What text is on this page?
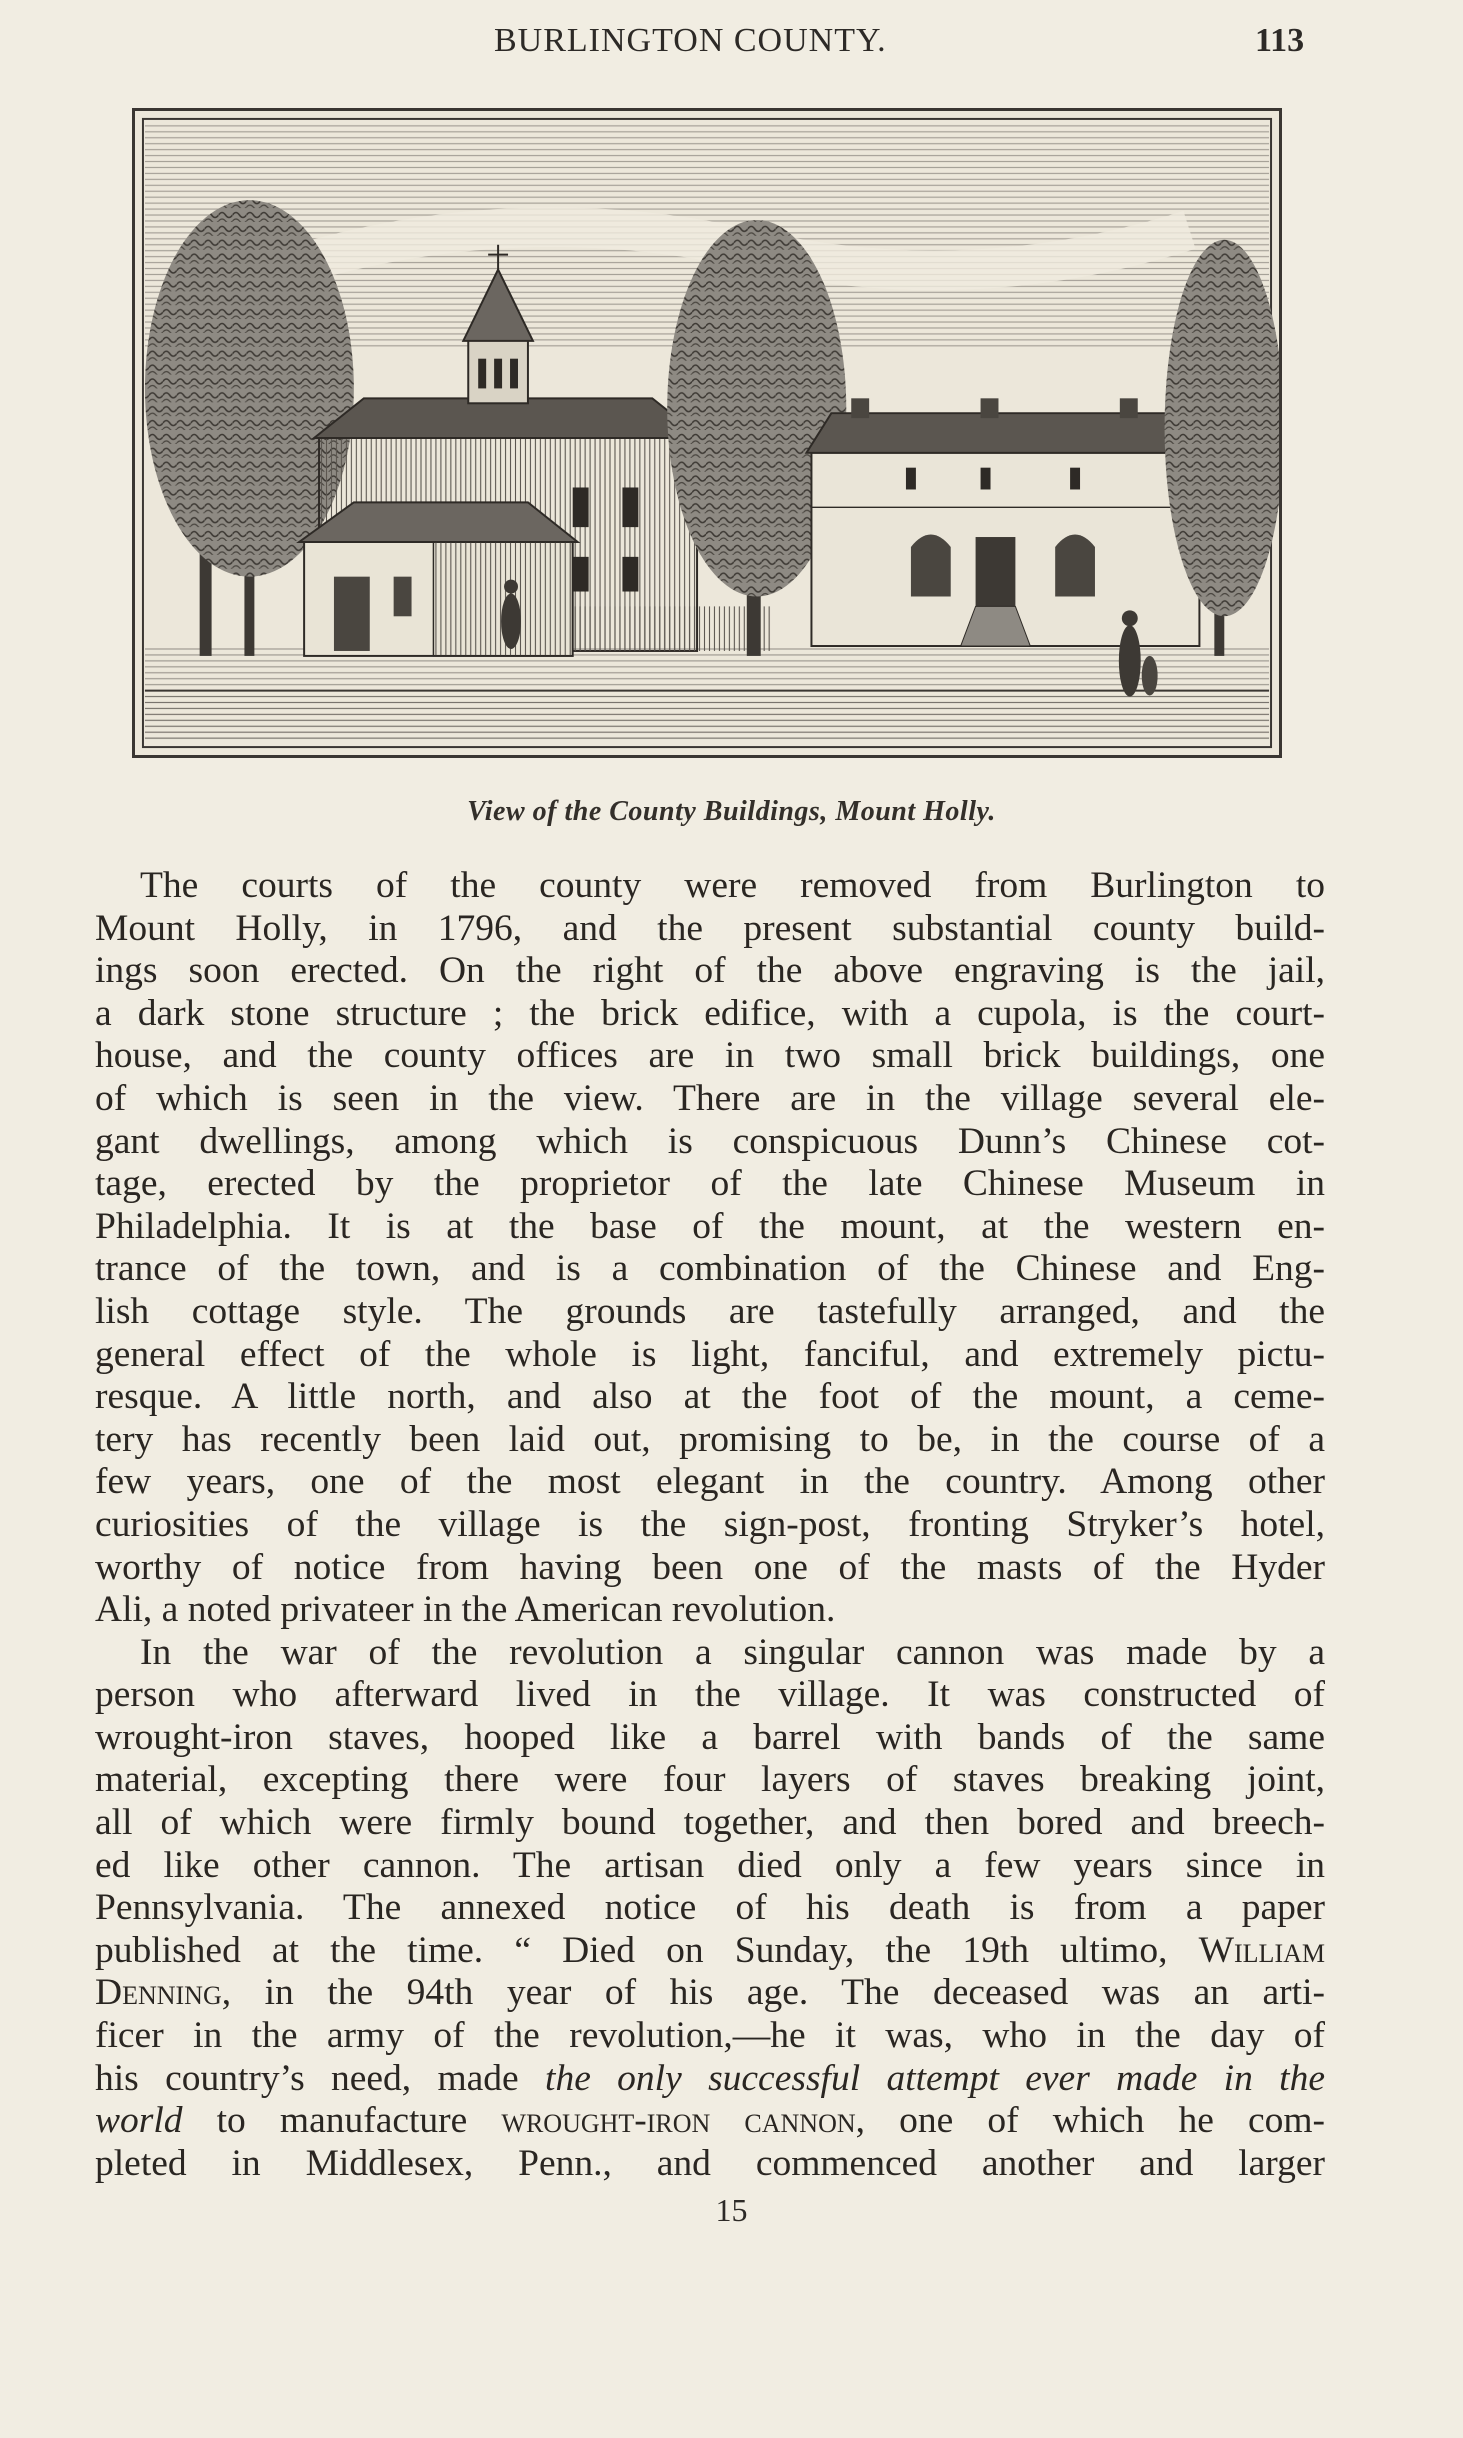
BURLINGTON COUNTY.	113
View of the County Buildings, Mount Holly.
The courts of the county were removed from Burlington to
Mount Holly, in 1796, and the present substantial county build-
ings soon erected. On the right of the above engraving is the jail,
a dark stone structure ; the brick edifice, with a cupola, is the court-
house, and the county offices are in two small brick buildings, one
of which is seen in the view. There are in the village several ele-
gant dwellings, among which is conspicuous Dunn’s Chinese cot-
tage, erected by the proprietor of the late Chinese Museum in
Philadelphia. It is at the base of the mount, at the western en-
trance of the town, and is a combination of the Chinese and Eng-
lish cottage style. The grounds are tastefully arranged, and the
general effect of the whole is light, fanciful, and extremely pictu-
resque. A little north, and also at the foot of the mount, a ceme-
tery has recently been laid out, promising to be, in the course of a
few years, one of the most elegant in the country. Among other
curiosities of the village is the sign-post, fronting Stryker’s hotel,
worthy of notice from having been one of the masts of the Hyder
Ali, a noted privateer in the American revolution.
In the war of the revolution a singular cannon was made by a
person who afterward lived in the village. It was constructed of
wrought-iron staves, hooped like a barrel with bands of the same
material, excepting there were four layers of staves breaking joint,
all of which were firmly bound together, and then bored and breech-
ed like other cannon. The artisan died only a few years since in
Pennsylvania. The annexed notice of his death is from a paper
published at the time. “ Died on Sunday, the 19th ultimo, William
Denning, in the 94th year of his age. The deceased was an arti-
ficer in the army of the revolution,—he it was, who in the day of
his country’s need, made the only successful attempt ever made in the
world to manufacture wrought-iron cannon, one of which he com-
pleted in Middlesex, Penn., and commenced another and larger
15
